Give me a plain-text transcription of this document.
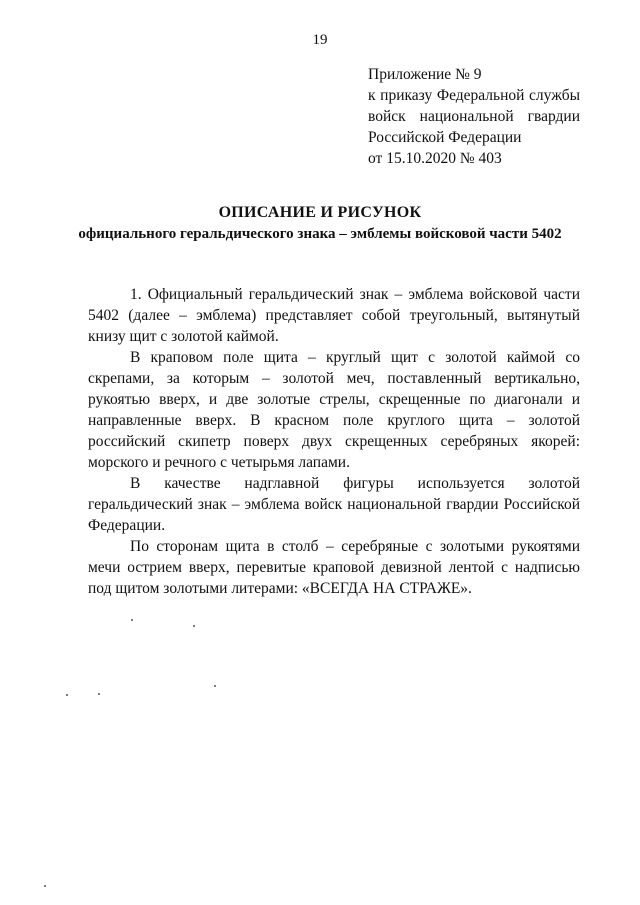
19
Приложение № 9
к приказу Федеральной службы
войск национальной гвардии
Российской Федерации
от 15.10.2020 № 403
ОПИСАНИЕ И РИСУНОК
официального геральдического знака – эмблемы войсковой части 5402

1. Официальный геральдический знак – эмблема войсковой части 5402 (далее – эмблема) представляет собой треугольный, вытянутый книзу щит с золотой каймой.

В краповом поле щита – круглый щит с золотой каймой со скрепами, за которым – золотой меч, поставленный вертикально, рукоятью вверх, и две золотые стрелы, скрещенные по диагонали и направленные вверх. В красном поле круглого щита – золотой российский скипетр поверх двух скрещенных серебряных якорей: морского и речного с четырьмя лапами.

В качестве надглавной фигуры используется золотой геральдический знак – эмблема войск национальной гвардии Российской Федерации.

По сторонам щита в столб – серебряные с золотыми рукоятями мечи острием вверх, перевитые краповой девизной лентой с надписью под щитом золотыми литерами: «ВСЕГДА НА СТРАЖЕ».
